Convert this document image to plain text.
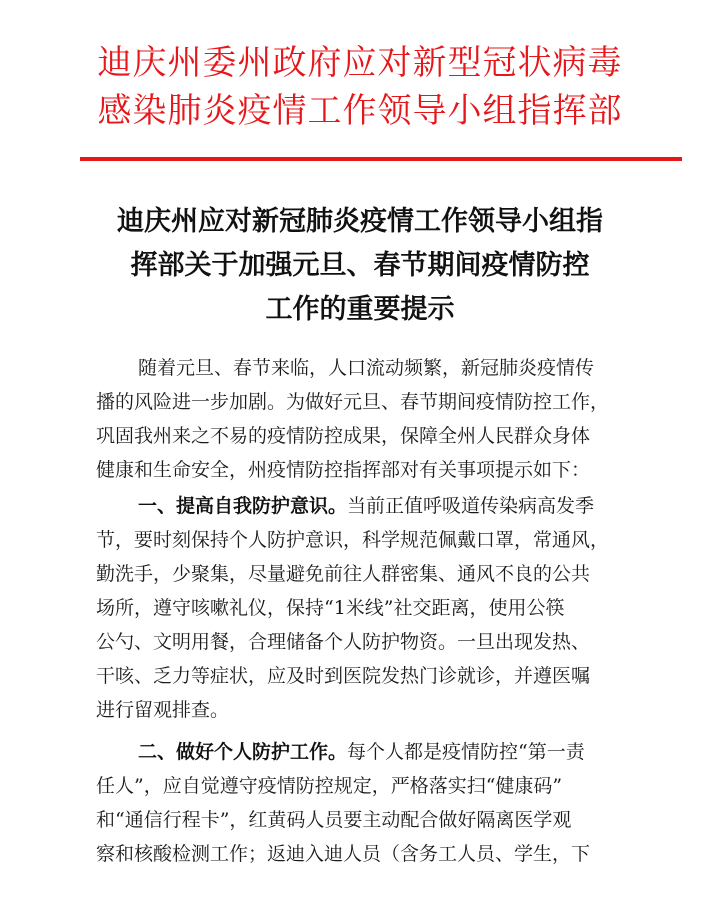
迪庆州委州政府应对新型冠状病毒
感染肺炎疫情工作领导小组指挥部
迪庆州应对新冠肺炎疫情工作领导小组指
挥部关于加强元旦、春节期间疫情防控
工作的重要提示
随着元旦、春节来临，人口流动频繁，新冠肺炎疫情传
播的风险进一步加剧。为做好元旦、春节期间疫情防控工作，
巩固我州来之不易的疫情防控成果，保障全州人民群众身体
健康和生命安全，州疫情防控指挥部对有关事项提示如下：
一、提高自我防护意识。当前正值呼吸道传染病高发季
节，要时刻保持个人防护意识，科学规范佩戴口罩，常通风，
勤洗手，少聚集，尽量避免前往人群密集、通风不良的公共
场所，遵守咳嗽礼仪，保持“1米线”社交距离，使用公筷
公勺、文明用餐，合理储备个人防护物资。一旦出现发热、
干咳、乏力等症状，应及时到医院发热门诊就诊，并遵医嘱
进行留观排查。
二、做好个人防护工作。每个人都是疫情防控“第一责
任人”，应自觉遵守疫情防控规定，严格落实扫“健康码”
和“通信行程卡”，红黄码人员要主动配合做好隔离医学观
察和核酸检测工作；返迪入迪人员（含务工人员、学生，下
